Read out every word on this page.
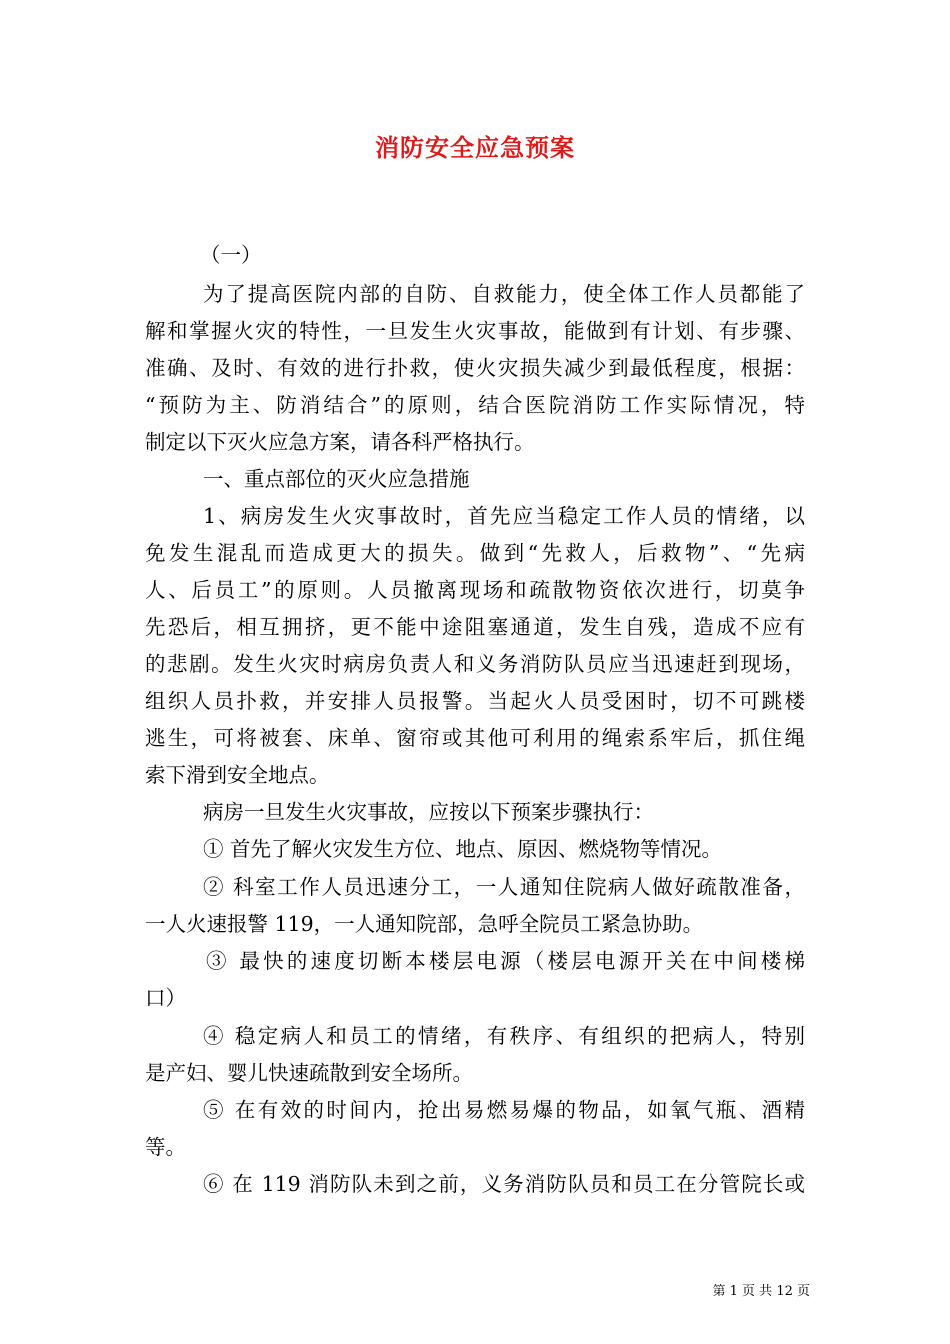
消防安全应急预案
（一）
为了提高医院内部的自防、自救能力，使全体工作人员都能了
解和掌握火灾的特性，一旦发生火灾事故，能做到有计划、有步骤、
准确、及时、有效的进行扑救，使火灾损失减少到最低程度，根据：
“预防为主、防消结合”的原则，结合医院消防工作实际情况，特
制定以下灭火应急方案，请各科严格执行。
一、重点部位的灭火应急措施
1、病房发生火灾事故时，首先应当稳定工作人员的情绪，以
免发生混乱而造成更大的损失。做到“先救人，后救物”、“先病
人、后员工”的原则。人员撤离现场和疏散物资依次进行，切莫争
先恐后，相互拥挤，更不能中途阻塞通道，发生自残，造成不应有
的悲剧。发生火灾时病房负责人和义务消防队员应当迅速赶到现场，
组织人员扑救，并安排人员报警。当起火人员受困时，切不可跳楼
逃生，可将被套、床单、窗帘或其他可利用的绳索系牢后，抓住绳
索下滑到安全地点。
病房一旦发生火灾事故，应按以下预案步骤执行：
① 首先了解火灾发生方位、地点、原因、燃烧物等情况。
② 科室工作人员迅速分工，一人通知住院病人做好疏散准备，
一人火速报警 119，一人通知院部，急呼全院员工紧急协助。
③ 最快的速度切断本楼层电源（楼层电源开关在中间楼梯
口）
④ 稳定病人和员工的情绪，有秩序、有组织的把病人，特别
是产妇、婴儿快速疏散到安全场所。
⑤ 在有效的时间内，抢出易燃易爆的物品，如氧气瓶、酒精
等。
⑥ 在 119 消防队未到之前，义务消防队员和员工在分管院长或
第 1 页 共 12 页
